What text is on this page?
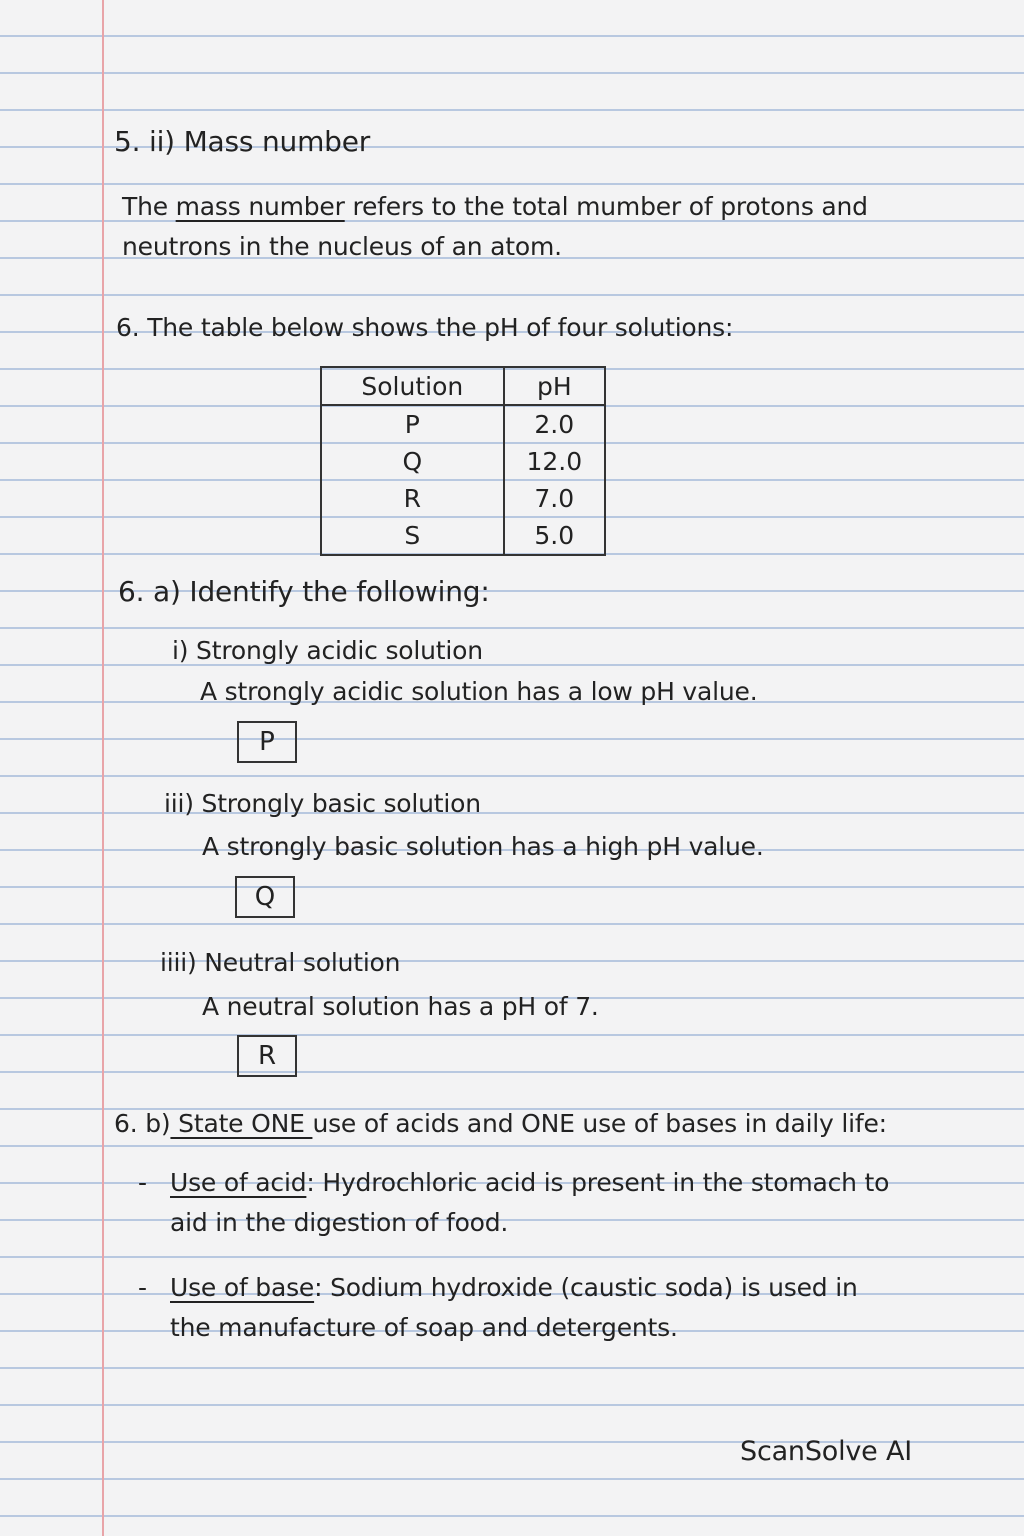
5. ii) Mass number

The mass number refers to the total mumber of protons and

neutrons in the nucleus of an atom.

6. The table below shows the pH of four solutions:

Solution	pH
P	2.0
Q	12.0
R	7.0
S	5.0

6. a) Identify the following:

i) Strongly acidic solution

A strongly acidic solution has a low pH value.

P

iii) Strongly basic solution

A strongly basic solution has a high pH value.

Q

iiii) Neutral solution

A neutral solution has a pH of 7.

R

6. b) State ONE use of acids and ONE use of bases in daily life:

- Use of acid: Hydrochloric acid is present in the stomach to

aid in the digestion of food.

- Use of base: Sodium hydroxide (caustic soda) is used in

the manufacture of soap and detergents.

ScanSolve AI
